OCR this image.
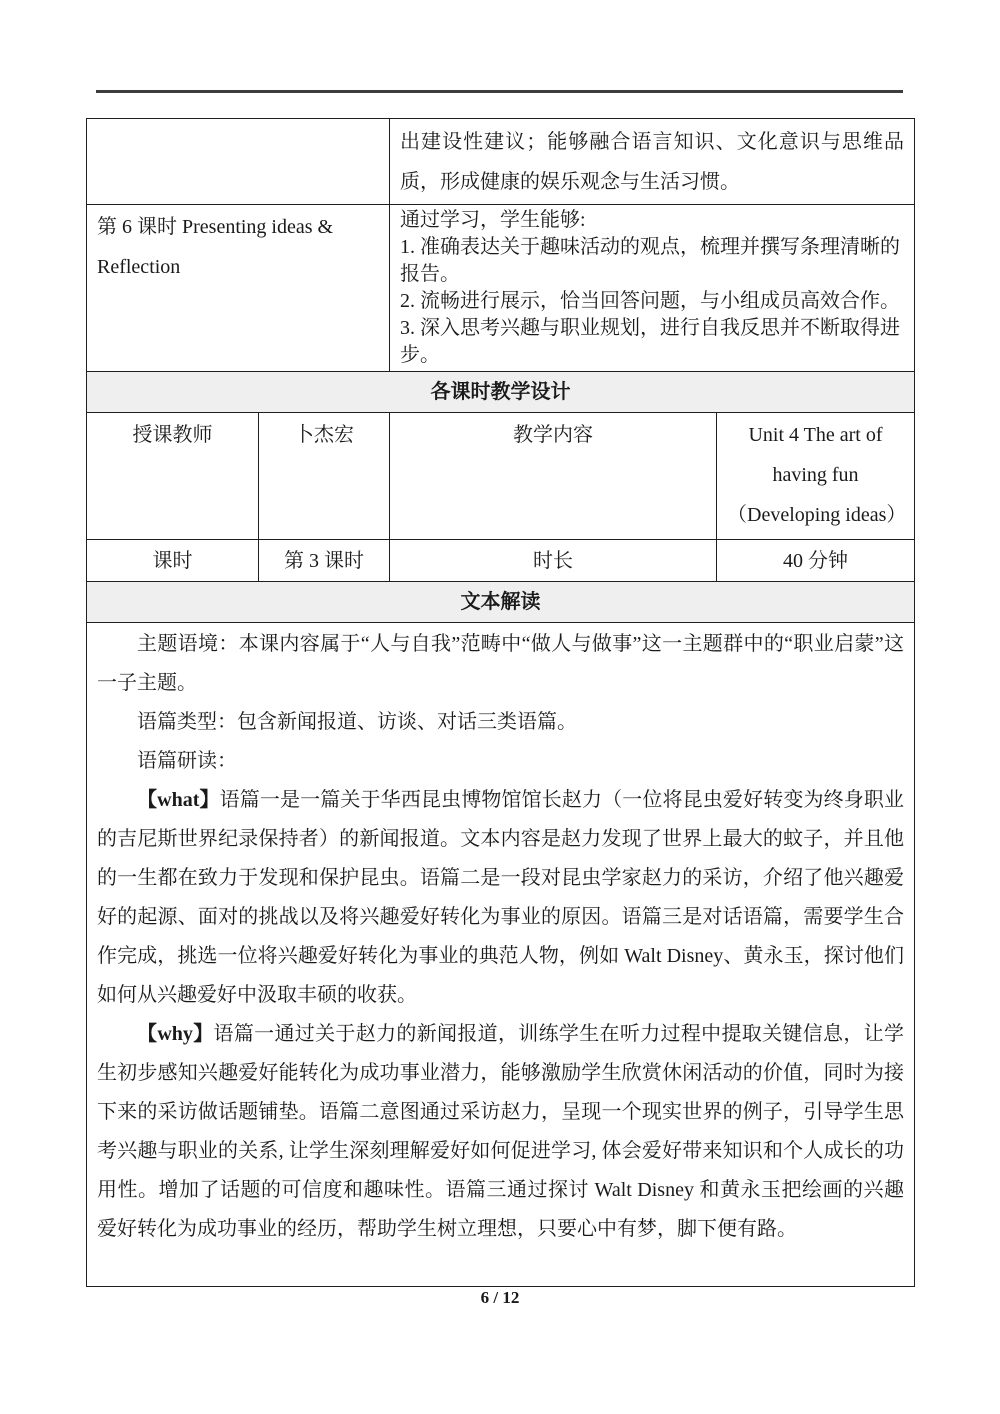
		出建设性建议；能够融合语言知识、文化意识与思维品质，形成健康的娱乐观念与生活习惯。	
第 6 课时 Presenting ideas & Reflection		通过学习，学生能够:
1. 准确表达关于趣味活动的观点，梳理并撰写条理清晰的报告。
2. 流畅进行展示，恰当回答问题，与小组成员高效合作。
3. 深入思考兴趣与职业规划，进行自我反思并不断取得进步。	

各课时教学设计			
授课教师	卜杰宏	教学内容	Unit 4 The art of having fun（Developing ideas）
课时	第 3 课时	时长	40 分钟
文本解读			

主题语境：本课内容属于“人与自我”范畴中“做人与做事”这一主题群中的“职业启蒙”这一子主题。

语篇类型：包含新闻报道、访谈、对话三类语篇。

语篇研读：

【what】语篇一是一篇关于华西昆虫博物馆馆长赵力（一位将昆虫爱好转变为终身职业的吉尼斯世界纪录保持者）的新闻报道。文本内容是赵力发现了世界上最大的蚊子，并且他的一生都在致力于发现和保护昆虫。语篇二是一段对昆虫学家赵力的采访，介绍了他兴趣爱好的起源、面对的挑战以及将兴趣爱好转化为事业的原因。语篇三是对话语篇，需要学生合作完成，挑选一位将兴趣爱好转化为事业的典范人物，例如 Walt Disney、黄永玉，探讨他们如何从兴趣爱好中汲取丰硕的收获。

【why】语篇一通过关于赵力的新闻报道，训练学生在听力过程中提取关键信息，让学生初步感知兴趣爱好能转化为成功事业潜力，能够激励学生欣赏休闲活动的价值，同时为接下来的采访做话题铺垫。语篇二意图通过采访赵力，呈现一个现实世界的例子，引导学生思考兴趣与职业的关系, 让学生深刻理解爱好如何促进学习, 体会爱好带来知识和个人成长的功用性。增加了话题的可信度和趣味性。语篇三通过探讨 Walt Disney 和黄永玉把绘画的兴趣爱好转化为成功事业的经历，帮助学生树立理想，只要心中有梦，脚下便有路。			

6 / 12
